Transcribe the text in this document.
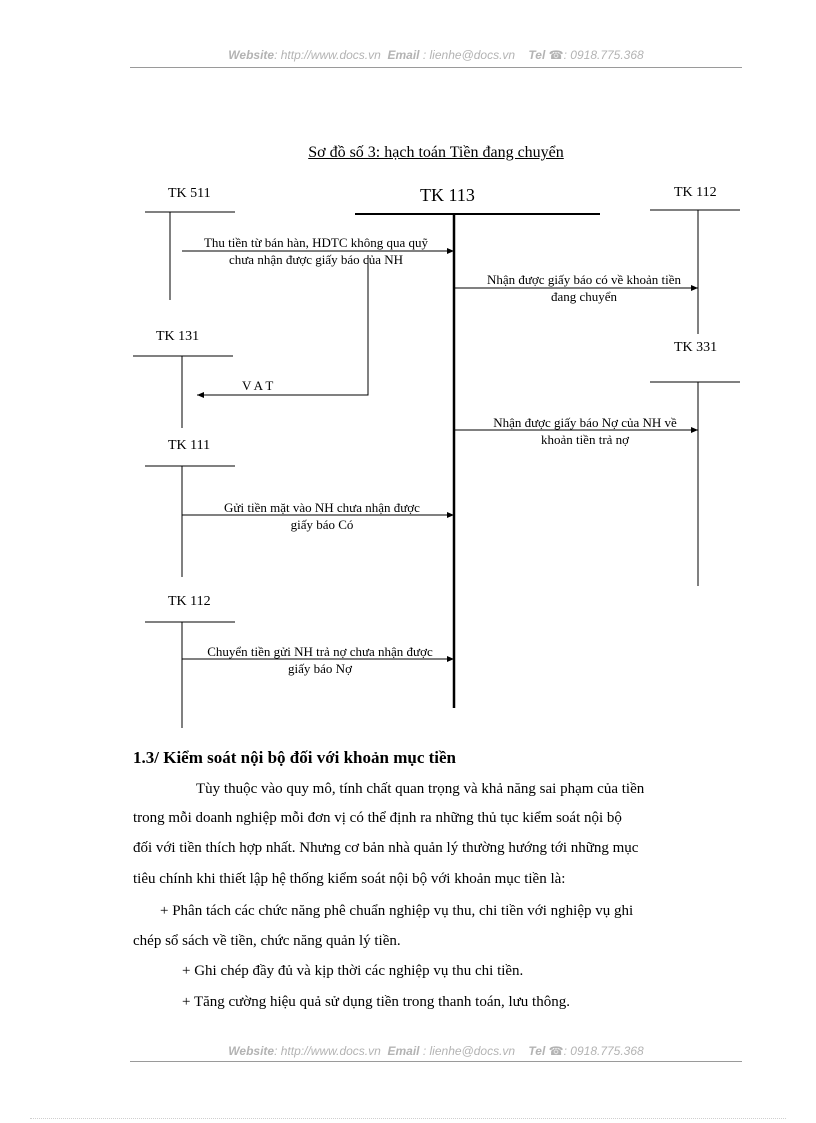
Website: http://www.docs.vn Email : lienhe@docs.vn Tel ☎: 0918.775.368
Sơ đồ số 3: hạch toán Tiền đang chuyển
TK 511	TK 113	TK 112
TK 131
TK 331
TK 111
TK 112
Thu tiền từ bán hàn, HDTC không qua quỹ chưa nhận được giấy báo của NH
V A T
Nhận được giấy báo có về khoản tiền đang chuyển
Nhận được giấy báo Nợ của NH về khoản tiền trả nợ
Gửi tiền mặt vào NH chưa nhận được giấy báo Có
Chuyển tiền gửi NH trả nợ chưa nhận được giấy báo Nợ
1.3/ Kiểm soát nội bộ đối với khoản mục tiền
Tùy thuộc vào quy mô, tính chất quan trọng và khả năng sai phạm của tiền
trong mỗi doanh nghiệp mỗi đơn vị có thể định ra những thủ tục kiểm soát nội bộ
đối với tiền thích hợp nhất. Nhưng cơ bản nhà quản lý thường hướng tới những mục
tiêu chính khi thiết lập hệ thống kiểm soát nội bộ với khoản mục tiền là:
+ Phân tách các chức năng phê chuẩn nghiệp vụ thu, chi tiền với nghiệp vụ ghi
chép sổ sách về tiền, chức năng quản lý tiền.
+ Ghi chép đầy đủ và kịp thời các nghiệp vụ thu chi tiền.
+ Tăng cường hiệu quả sử dụng tiền trong thanh toán, lưu thông.
Website: http://www.docs.vn Email : lienhe@docs.vn Tel ☎: 0918.775.368
